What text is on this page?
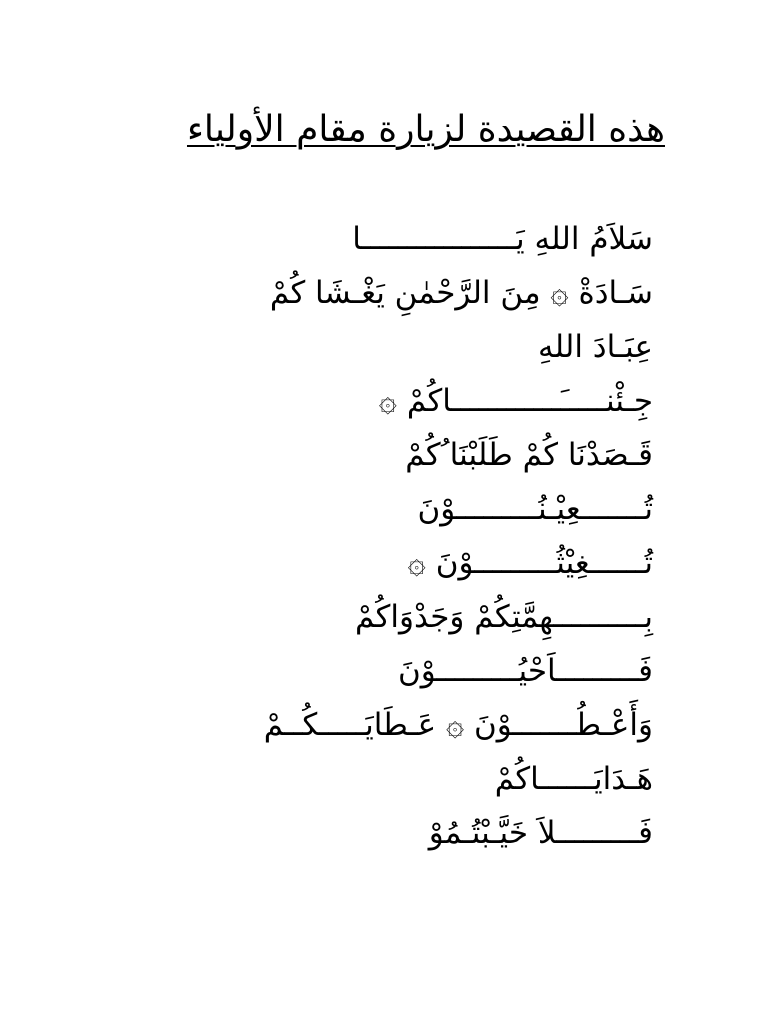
هذه القصيدة لزيارة مقام الأولياء
سَلاَمُ اللهِ يَـــــــــــــــــا
سَـادَةْ ۞ مِنَ الرَّحْمٰنِ يَغْـشَا كُمْ
عِبَـادَ اللهِ
جِـئْنـــــَــــــــــــاكُمْ ۞
قَـصَدْنَا كُمْ طَلَبْنَا ُكُمْ
تُـــــــعِيْـنُـــــــــوْنَ
تُــــــغِيْثُـــــــــوْنَ ۞
بِــــــــــهِمَّتِكُمْ وَجَدْوَاكُمْ
فَـــــــــاَحْيُـــــــــوْنَ
وَأَعْـطُـــــــوْنَ ۞ عَـطَايَـــــكُــمْ
هَـدَايَــــــاكُمْ
فَـــــــــلاَ خَيَّـبْتُـمُوْ
